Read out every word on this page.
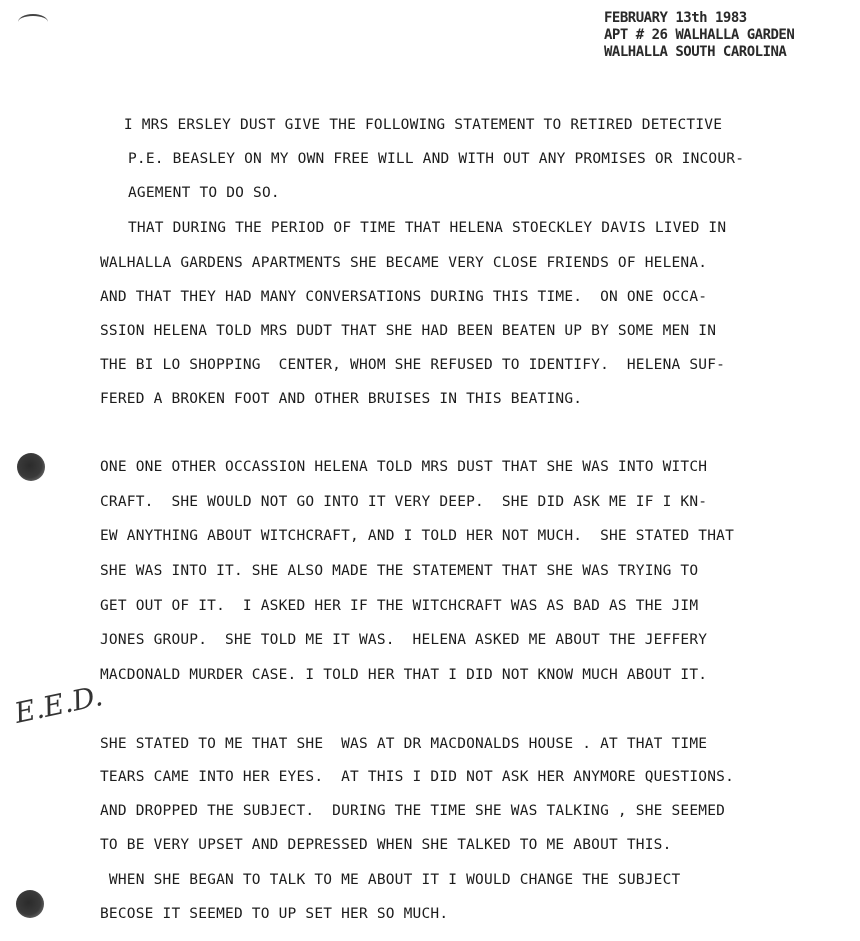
FEBRUARY 13th 1983
APT # 26 WALHALLA GARDEN
WALHALLA SOUTH CAROLINA
E.E.D.
I MRS ERSLEY DUST GIVE THE FOLLOWING STATEMENT TO RETIRED DETECTIVE
P.E. BEASLEY ON MY OWN FREE WILL AND WITH OUT ANY PROMISES OR INCOUR-
AGEMENT TO DO SO.
THAT DURING THE PERIOD OF TIME THAT HELENA STOECKLEY DAVIS LIVED IN
WALHALLA GARDENS APARTMENTS SHE BECAME VERY CLOSE FRIENDS OF HELENA.
AND THAT THEY HAD MANY CONVERSATIONS DURING THIS TIME.  ON ONE OCCA-
SSION HELENA TOLD MRS DUDT THAT SHE HAD BEEN BEATEN UP BY SOME MEN IN
THE BI LO SHOPPING  CENTER, WHOM SHE REFUSED TO IDENTIFY.  HELENA SUF-
FERED A BROKEN FOOT AND OTHER BRUISES IN THIS BEATING.
ONE ONE OTHER OCCASSION HELENA TOLD MRS DUST THAT SHE WAS INTO WITCH
CRAFT.  SHE WOULD NOT GO INTO IT VERY DEEP.  SHE DID ASK ME IF I KN-
EW ANYTHING ABOUT WITCHCRAFT, AND I TOLD HER NOT MUCH.  SHE STATED THAT
SHE WAS INTO IT. SHE ALSO MADE THE STATEMENT THAT SHE WAS TRYING TO
GET OUT OF IT.  I ASKED HER IF THE WITCHCRAFT WAS AS BAD AS THE JIM
JONES GROUP.  SHE TOLD ME IT WAS.  HELENA ASKED ME ABOUT THE JEFFERY
MACDONALD MURDER CASE. I TOLD HER THAT I DID NOT KNOW MUCH ABOUT IT.
SHE STATED TO ME THAT SHE  WAS AT DR MACDONALDS HOUSE . AT THAT TIME
TEARS CAME INTO HER EYES.  AT THIS I DID NOT ASK HER ANYMORE QUESTIONS.
AND DROPPED THE SUBJECT.  DURING THE TIME SHE WAS TALKING , SHE SEEMED
TO BE VERY UPSET AND DEPRESSED WHEN SHE TALKED TO ME ABOUT THIS.
WHEN SHE BEGAN TO TALK TO ME ABOUT IT I WOULD CHANGE THE SUBJECT
BECOSE IT SEEMED TO UP SET HER SO MUCH.
